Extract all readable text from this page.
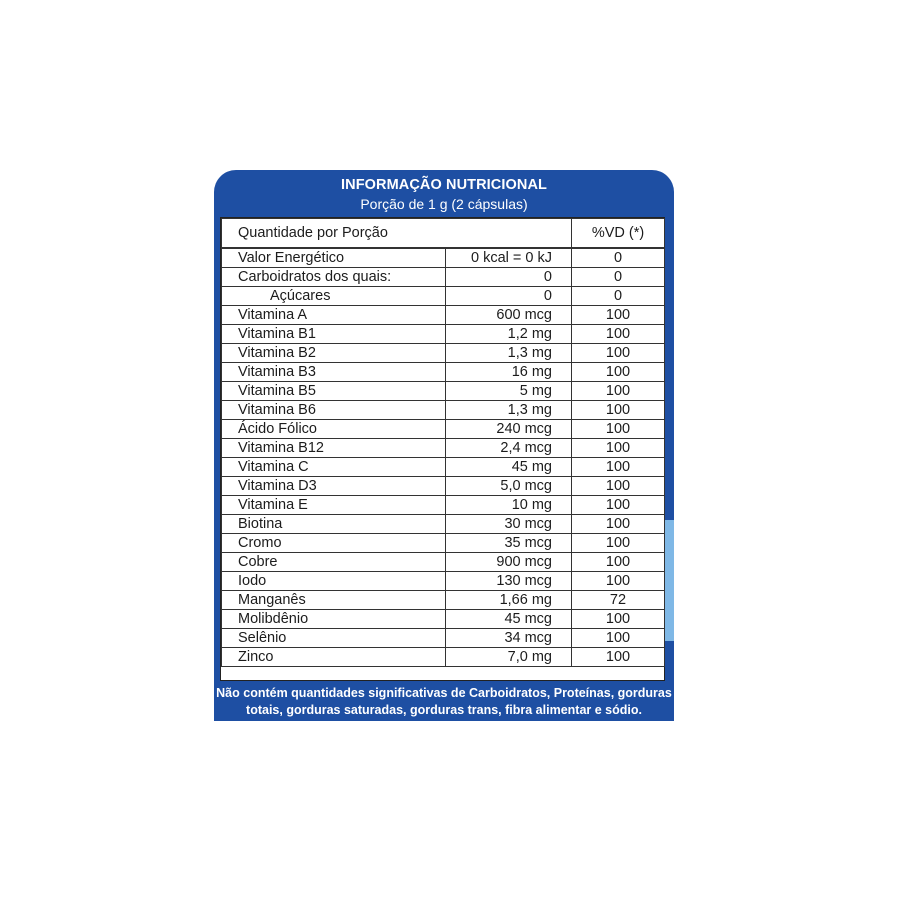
INFORMAÇÃO NUTRICIONAL
Porção de 1 g (2 cápsulas)
Quantidade por Porção		%VD (*)
Valor Energético	0 kcal = 0 kJ	0
Carboidratos dos quais:	0	0
Açúcares	0	0
Vitamina A	600 mcg	100
Vitamina B1	1,2 mg	100
Vitamina B2	1,3 mg	100
Vitamina B3	16 mg	100
Vitamina B5	5 mg	100
Vitamina B6	1,3 mg	100
Ácido Fólico	240 mcg	100
Vitamina B12	2,4 mcg	100
Vitamina C	45 mg	100
Vitamina D3	5,0 mcg	100
Vitamina E	10 mg	100
Biotina	30 mcg	100
Cromo	35 mcg	100
Cobre	900 mcg	100
Iodo	130 mcg	100
Manganês	1,66 mg	72
Molibdênio	45 mcg	100
Selênio	34 mcg	100
Zinco	7,0 mg	100
Não contém quantidades significativas de Carboidratos, Proteínas, gorduras
totais, gorduras saturadas, gorduras trans, fibra alimentar e sódio.
